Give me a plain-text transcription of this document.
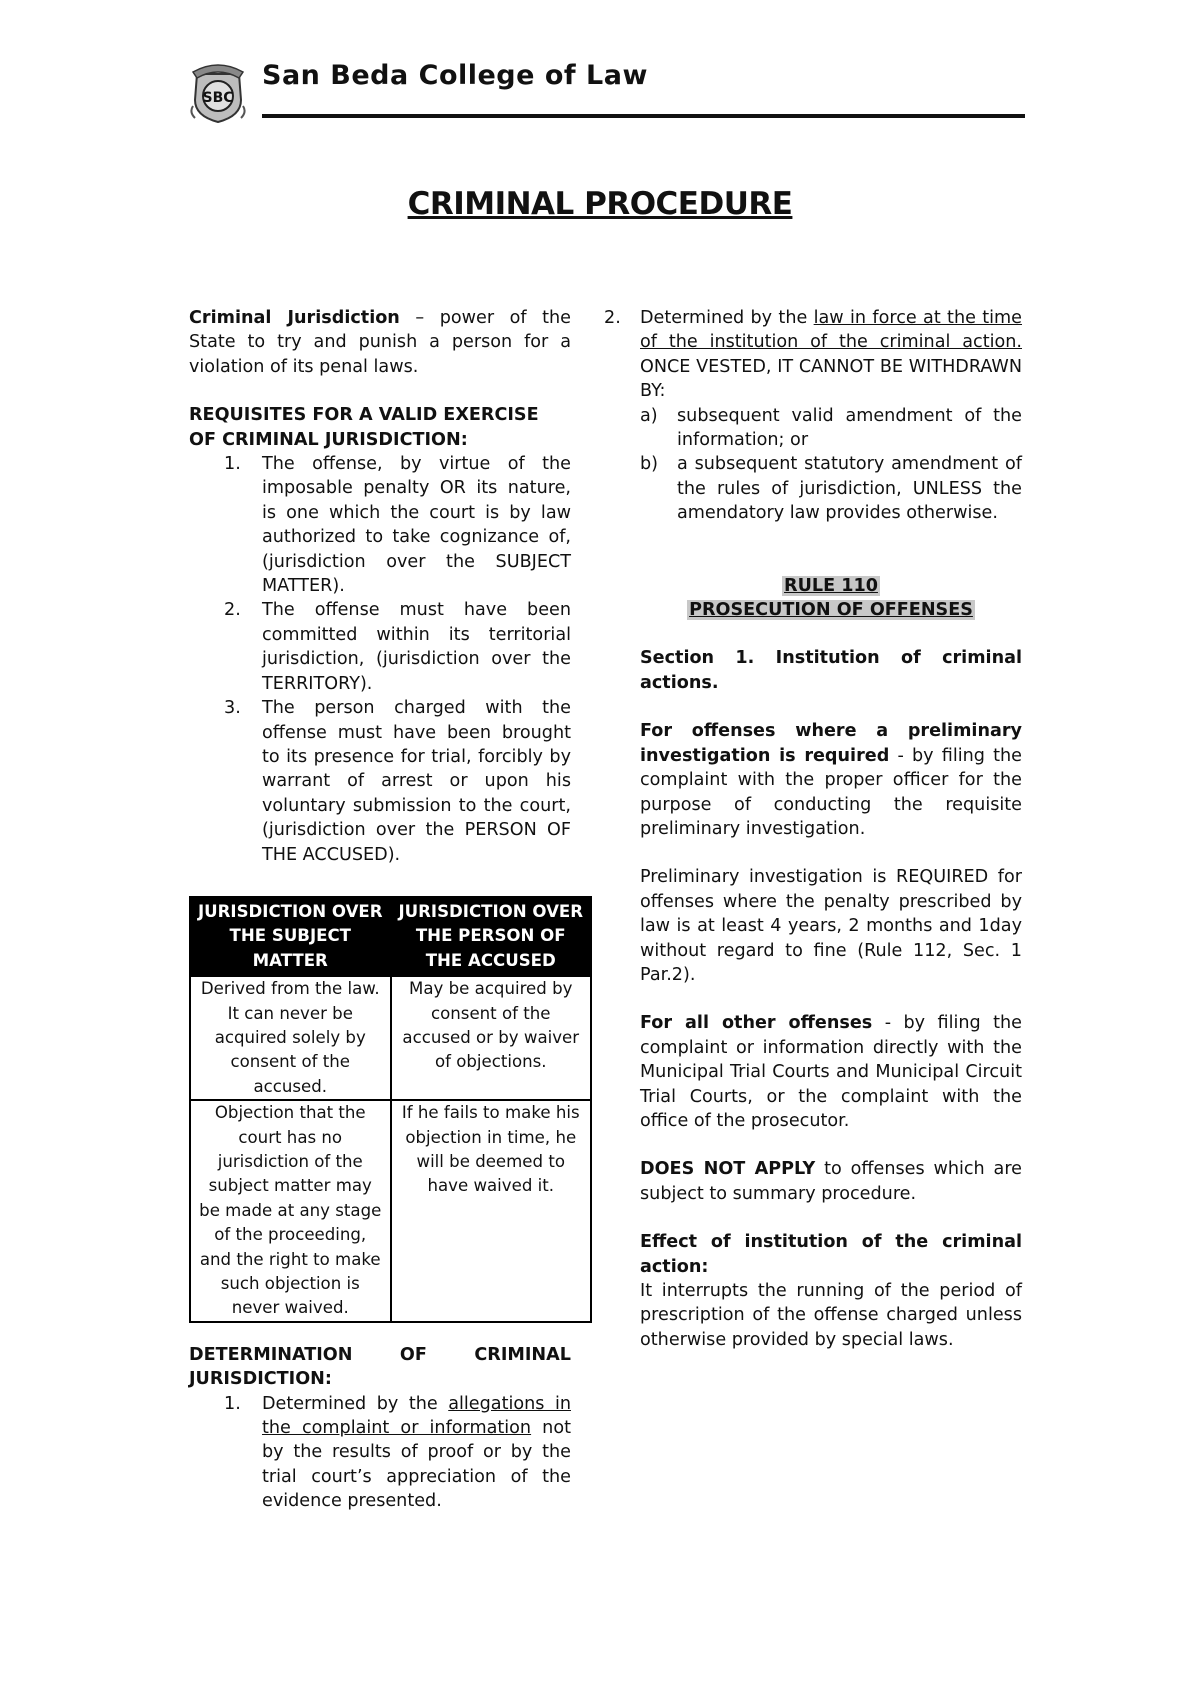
SBC
San Beda College of Law
CRIMINAL PROCEDURE

Criminal Jurisdiction – power of the State to try and punish a person for a violation of its penal laws.

REQUISITES FOR A VALID EXERCISE OF CRIMINAL JURISDICTION:

1. The offense, by virtue of the imposable penalty OR its nature, is one which the court is by law authorized to take cognizance of, (jurisdiction over the SUBJECT MATTER).
2. The offense must have been committed within its territorial jurisdiction, (jurisdiction over the TERRITORY).
3. The person charged with the offense must have been brought to its presence for trial, forcibly by warrant of arrest or upon his voluntary submission to the court, (jurisdiction over the PERSON OF THE ACCUSED).
JURISDICTION OVER THE SUBJECT MATTER	JURISDICTION OVER THE PERSON OF THE ACCUSED
Derived from the law. It can never be acquired solely by consent of the accused.	May be acquired by consent of the accused or by waiver of objections.
Objection that the court has no jurisdiction of the subject matter may be made at any stage of the proceeding, and the right to make such objection is never waived.	If he fails to make his objection in time, he will be deemed to have waived it.

DETERMINATION OF CRIMINAL JURISDICTION:

1. Determined by the allegations in the complaint or information not by the results of proof or by the trial court’s appreciation of the evidence presented.
2. Determined by the law in force at the time of the institution of the criminal action. ONCE VESTED, IT CANNOT BE WITHDRAWN BY:
a) subsequent valid amendment of the information; or
b) a subsequent statutory amendment of the rules of jurisdiction, UNLESS the amendatory law provides otherwise.
RULE 110
PROSECUTION OF OFFENSES

Section 1. Institution of criminal actions.

For offenses where a preliminary investigation is required - by filing the complaint with the proper officer for the purpose of conducting the requisite preliminary investigation.

Preliminary investigation is REQUIRED for offenses where the penalty prescribed by law is at least 4 years, 2 months and 1day without regard to fine (Rule 112, Sec. 1 Par.2).

For all other offenses - by filing the complaint or information directly with the Municipal Trial Courts and Municipal Circuit Trial Courts, or the complaint with the office of the prosecutor.

DOES NOT APPLY to offenses which are subject to summary procedure.

Effect of institution of the criminal action:

It interrupts the running of the period of prescription of the offense charged unless otherwise provided by special laws.
